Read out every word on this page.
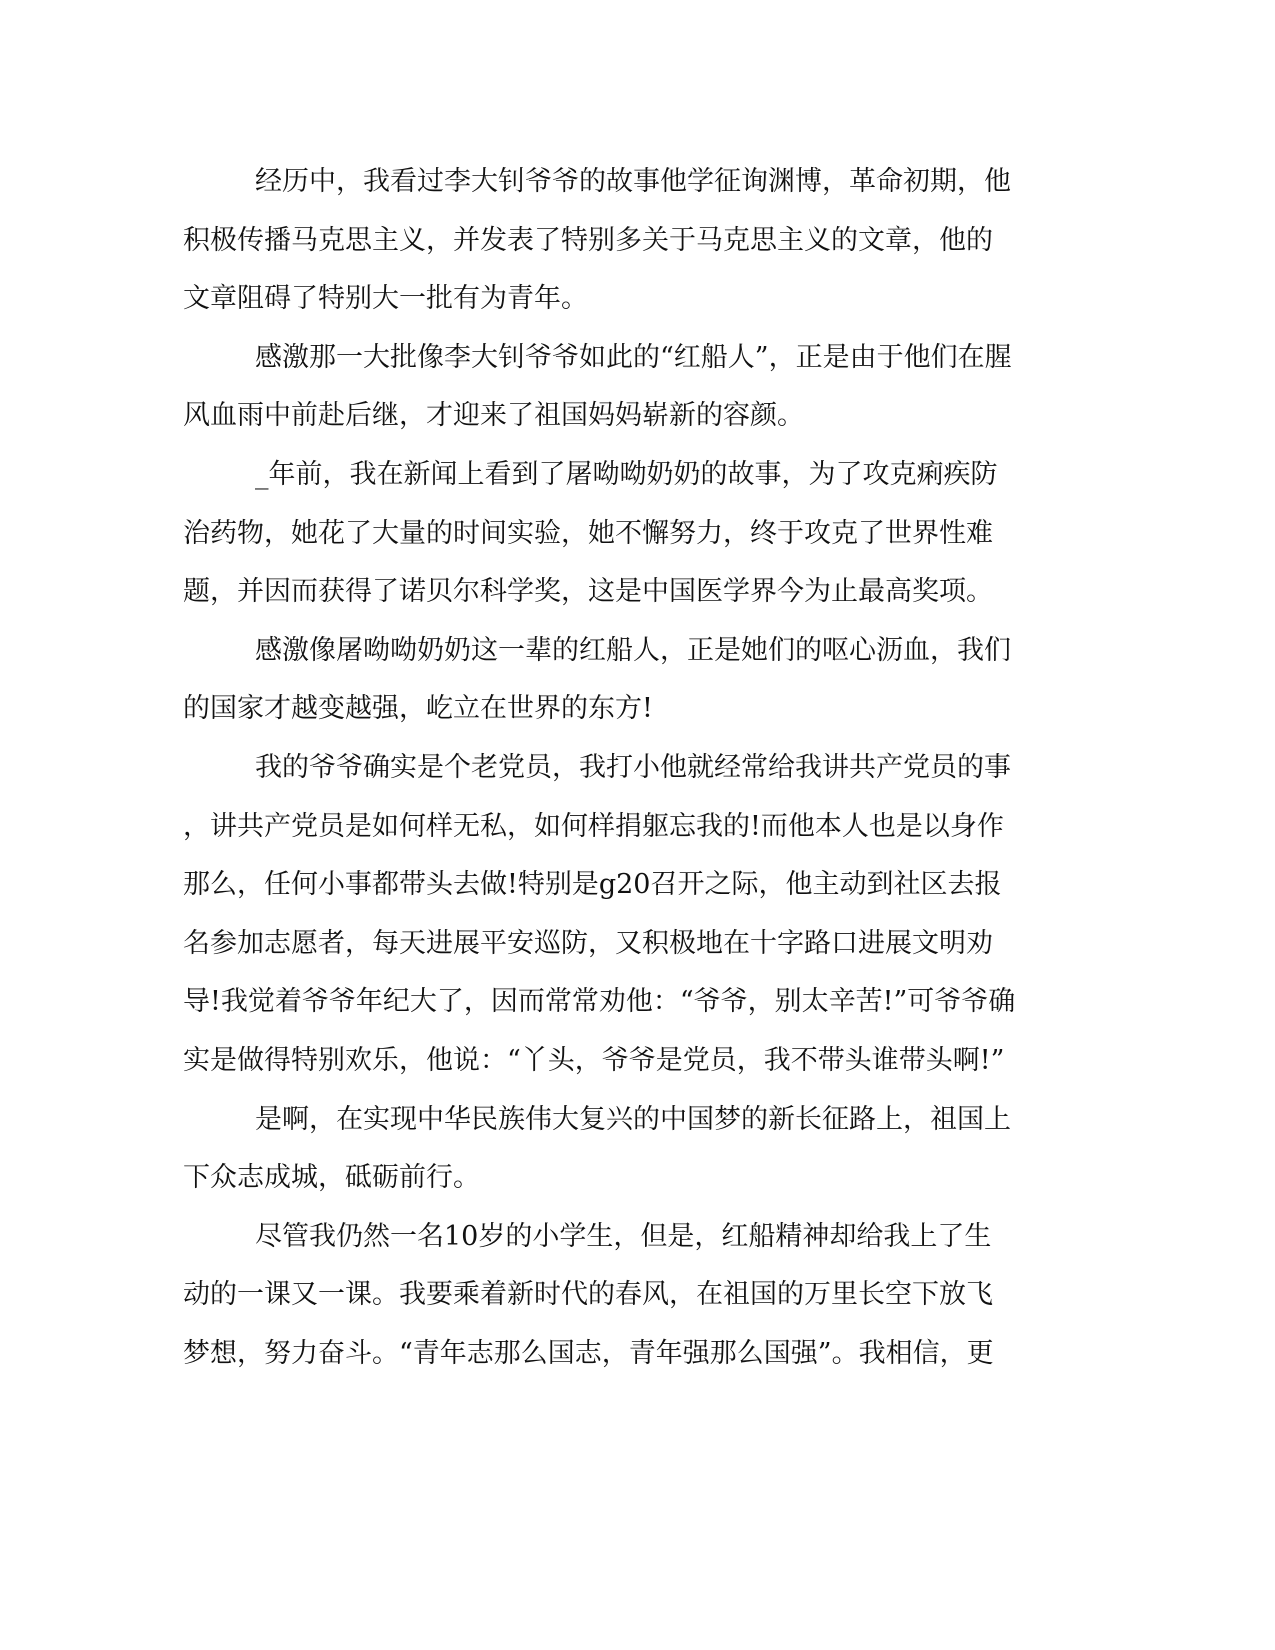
经历中，我看过李大钊爷爷的故事他学征询渊博，革命初期，他
积极传播马克思主义，并发表了特别多关于马克思主义的文章，他的
文章阻碍了特别大一批有为青年。
感激那一大批像李大钊爷爷如此的“红船人”，正是由于他们在腥
风血雨中前赴后继，才迎来了祖国妈妈崭新的容颜。
_年前，我在新闻上看到了屠呦呦奶奶的故事，为了攻克痢疾防
治药物，她花了大量的时间实验，她不懈努力，终于攻克了世界性难
题，并因而获得了诺贝尔科学奖，这是中国医学界今为止最高奖项。
感激像屠呦呦奶奶这一辈的红船人，正是她们的呕心沥血，我们
的国家才越变越强，屹立在世界的东方!
我的爷爷确实是个老党员，我打小他就经常给我讲共产党员的事
，讲共产党员是如何样无私，如何样捐躯忘我的!而他本人也是以身作
那么，任何小事都带头去做!特别是g20召开之际，他主动到社区去报
名参加志愿者，每天进展平安巡防，又积极地在十字路口进展文明劝
导!我觉着爷爷年纪大了，因而常常劝他：“爷爷，别太辛苦!”可爷爷确
实是做得特别欢乐，他说：“丫头，爷爷是党员，我不带头谁带头啊!”
是啊，在实现中华民族伟大复兴的中国梦的新长征路上，祖国上
下众志成城，砥砺前行。
尽管我仍然一名10岁的小学生，但是，红船精神却给我上了生
动的一课又一课。我要乘着新时代的春风，在祖国的万里长空下放飞
梦想，努力奋斗。“青年志那么国志，青年强那么国强”。我相信，更
